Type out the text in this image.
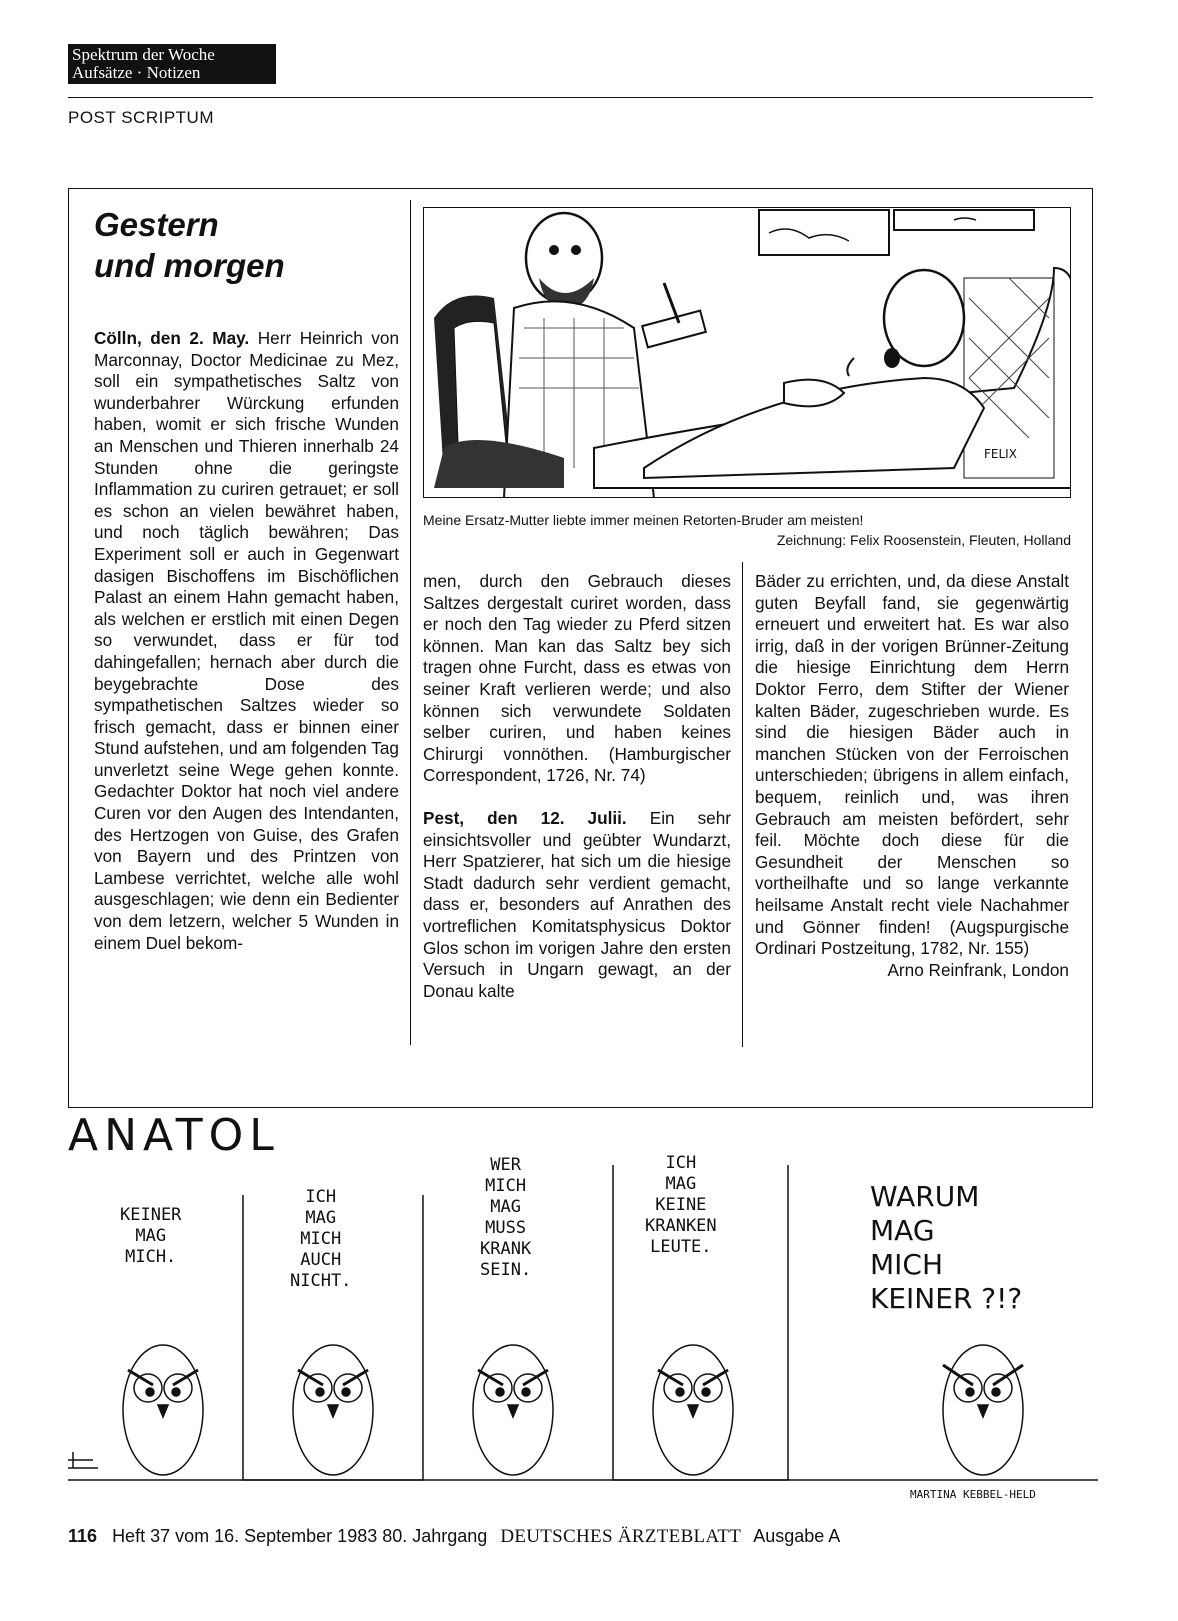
Spektrum der Woche
Aufsätze · Notizen
POST SCRIPTUM
Gestern
und morgen

Cölln, den 2. May. Herr Heinrich von Marconnay, Doctor Medicinae zu Mez, soll ein sympathetisches Saltz von wunderbahrer Würckung erfunden haben, womit er sich frische Wunden an Menschen und Thieren innerhalb 24 Stunden ohne die geringste Inflammation zu curiren getrauet; er soll es schon an vielen bewähret haben, und noch täglich bewähren; Das Experiment soll er auch in Gegenwart dasigen Bischoffens im Bischöflichen Palast an einem Hahn gemacht haben, als welchen er erstlich mit einen Degen so verwundet, dass er für tod dahingefallen; hernach aber durch die beygebrachte Dose des sympathetischen Saltzes wieder so frisch gemacht, dass er binnen einer Stund aufstehen, und am folgenden Tag unverletzt seine Wege gehen konnte. Gedachter Doktor hat noch viel andere Curen vor den Augen des Intendanten, des Hertzogen von Guise, des Grafen von Bayern und des Printzen von Lambese verrichtet, welche alle wohl ausgeschlagen; wie denn ein Bedienter von dem letzern, welcher 5 Wunden in einem Duel bekom-

FELIX
Meine Ersatz-Mutter liebte immer meinen Retorten-Bruder am meisten!
Zeichnung: Felix Roosenstein, Fleuten, Holland

men, durch den Gebrauch dieses Saltzes dergestalt curiret worden, dass er noch den Tag wieder zu Pferd sitzen können. Man kan das Saltz bey sich tragen ohne Furcht, dass es etwas von seiner Kraft verlieren werde; und also können sich verwundete Soldaten selber curiren, und haben keines Chirurgi vonnöthen. (Hamburgischer Correspondent, 1726, Nr. 74)

Pest, den 12. Julii. Ein sehr einsichtsvoller und geübter Wundarzt, Herr Spatzierer, hat sich um die hiesige Stadt dadurch sehr verdient gemacht, dass er, besonders auf Anrathen des vortreflichen Komitatsphysicus Doktor Glos schon im vorigen Jahre den ersten Versuch in Ungarn gewagt, an der Donau kalte

Bäder zu errichten, und, da diese Anstalt guten Beyfall fand, sie gegenwärtig erneuert und erweitert hat. Es war also irrig, daß in der vorigen Brünner-Zeitung die hiesige Einrichtung dem Herrn Doktor Ferro, dem Stifter der Wiener kalten Bäder, zugeschrieben wurde. Es sind die hiesigen Bäder auch in manchen Stücken von der Ferroischen unterschieden; übrigens in allem einfach, bequem, reinlich und, was ihren Gebrauch am meisten befördert, sehr feil. Möchte doch diese für die Gesundheit der Menschen so vortheilhafte und so lange verkannte heilsame Anstalt recht viele Nachahmer und Gönner finden! (Augspurgische Ordinari Postzeitung, 1782, Nr. 155)

Arno Reinfrank, London
ANATOL
KEINER
MAG
MICH.
ICH
MAG
MICH
AUCH
NICHT.
WER
MICH
MAG
MUSS
KRANK
SEIN.
ICH
MAG
KEINE
KRANKEN
LEUTE.
WARUM
MAG
MICH
KEINER ?!?
MARTINA KEBBEL-HELD
116 Heft 37 vom 16. September 1983 80. Jahrgang DEUTSCHES ÄRZTEBLATT Ausgabe A
